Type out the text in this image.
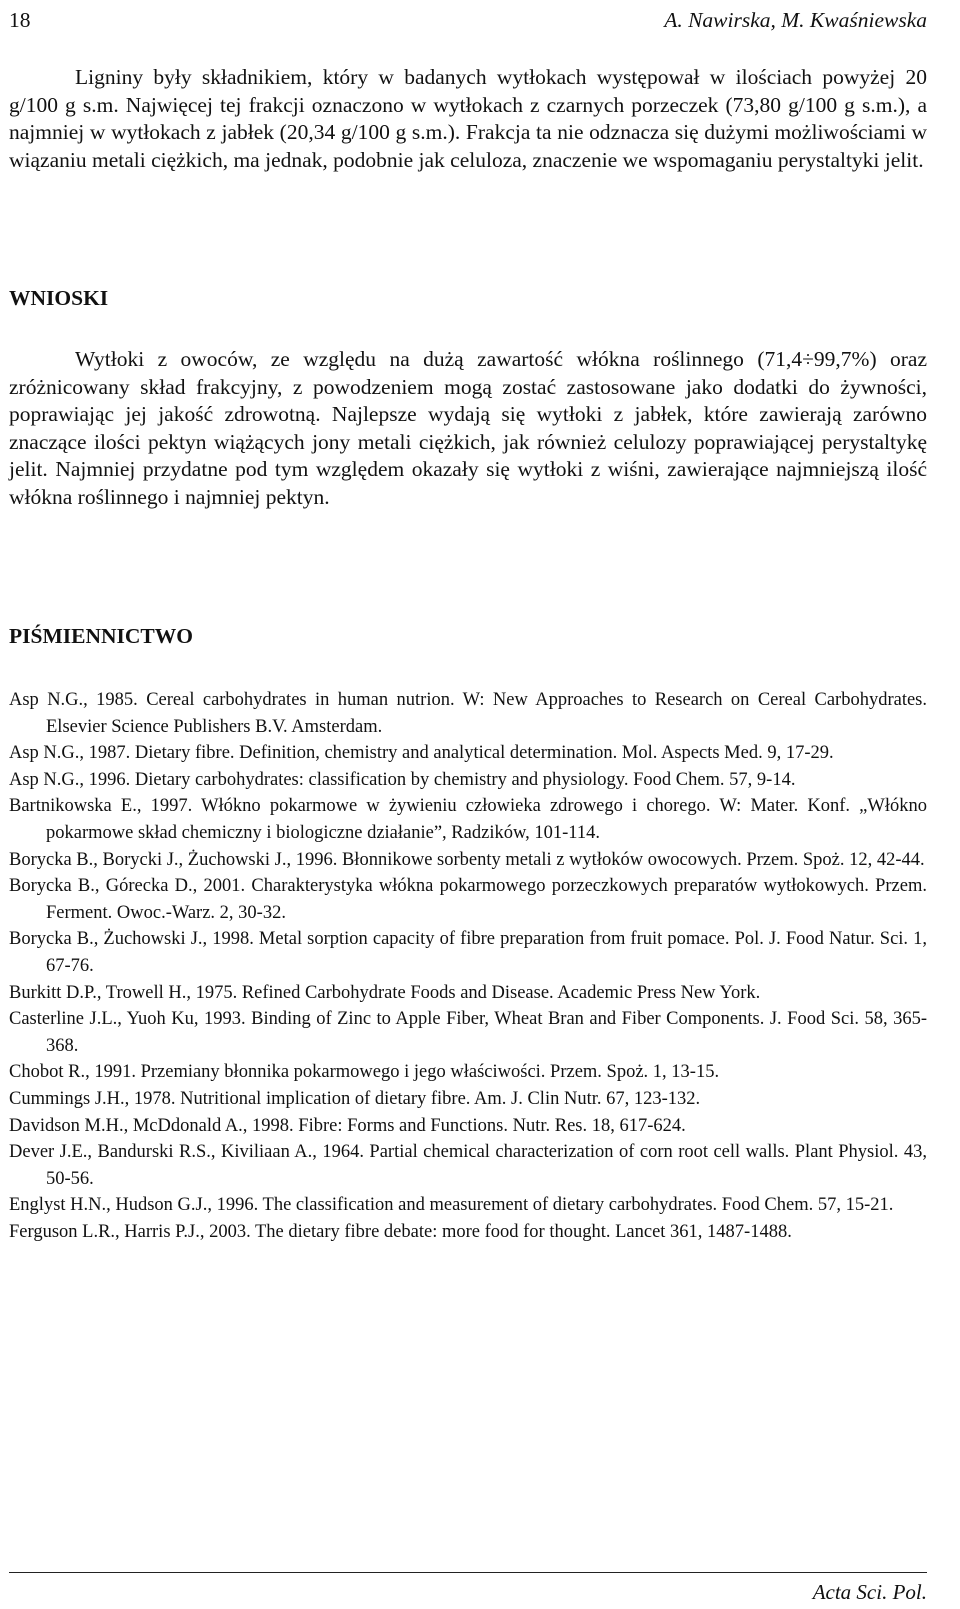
18	A. Nawirska, M. Kwaśniewska

Ligniny były składnikiem, który w badanych wytłokach występował w ilościach powyżej 20 g/100 g s.m. Najwięcej tej frakcji oznaczono w wytłokach z czarnych porzeczek (73,80 g/100 g s.m.), a najmniej w wytłokach z jabłek (20,34 g/100 g s.m.). Frakcja ta nie odznacza się dużymi możliwościami w wiązaniu metali ciężkich, ma jednak, podobnie jak celuloza, znaczenie we wspomaganiu perystaltyki jelit.

WNIOSKI

Wytłoki z owoców, ze względu na dużą zawartość włókna roślinnego (71,4÷99,7%) oraz zróżnicowany skład frakcyjny, z powodzeniem mogą zostać zastosowane jako dodatki do żywności, poprawiając jej jakość zdrowotną. Najlepsze wydają się wytłoki z jabłek, które zawierają zarówno znaczące ilości pektyn wiążących jony metali ciężkich, jak również celulozy poprawiającej perystaltykę jelit. Najmniej przydatne pod tym względem okazały się wytłoki z wiśni, zawierające najmniejszą ilość włókna roślinnego i najmniej pektyn.

PIŚMIENNICTWO
Asp N.G., 1985. Cereal carbohydrates in human nutrion. W: New Approaches to Research on Cereal Carbohydrates. Elsevier Science Publishers B.V. Amsterdam.
Asp N.G., 1987. Dietary fibre. Definition, chemistry and analytical determination. Mol. Aspects Med. 9, 17-29.
Asp N.G., 1996. Dietary carbohydrates: classification by chemistry and physiology. Food Chem. 57, 9-14.
Bartnikowska E., 1997. Włókno pokarmowe w żywieniu człowieka zdrowego i chorego. W: Mater. Konf. „Włókno pokarmowe skład chemiczny i biologiczne działanie”, Radzików, 101-114.
Borycka B., Borycki J., Żuchowski J., 1996. Błonnikowe sorbenty metali z wytłoków owocowych. Przem. Spoż. 12, 42-44.
Borycka B., Górecka D., 2001. Charakterystyka włókna pokarmowego porzeczkowych preparatów wytłokowych. Przem. Ferment. Owoc.-Warz. 2, 30-32.
Borycka B., Żuchowski J., 1998. Metal sorption capacity of fibre preparation from fruit pomace. Pol. J. Food Natur. Sci. 1, 67-76.
Burkitt D.P., Trowell H., 1975. Refined Carbohydrate Foods and Disease. Academic Press New York.
Casterline J.L., Yuoh Ku, 1993. Binding of Zinc to Apple Fiber, Wheat Bran and Fiber Components. J. Food Sci. 58, 365-368.
Chobot R., 1991. Przemiany błonnika pokarmowego i jego właściwości. Przem. Spoż. 1, 13-15.
Cummings J.H., 1978. Nutritional implication of dietary fibre. Am. J. Clin Nutr. 67, 123-132.
Davidson M.H., McDdonald A., 1998. Fibre: Forms and Functions. Nutr. Res. 18, 617-624.
Dever J.E., Bandurski R.S., Kiviliaan A., 1964. Partial chemical characterization of corn root cell walls. Plant Physiol. 43, 50-56.
Englyst H.N., Hudson G.J., 1996. The classification and measurement of dietary carbohydrates. Food Chem. 57, 15-21.
Ferguson L.R., Harris P.J., 2003. The dietary fibre debate: more food for thought. Lancet 361, 1487-1488.
Acta Sci. Pol.
